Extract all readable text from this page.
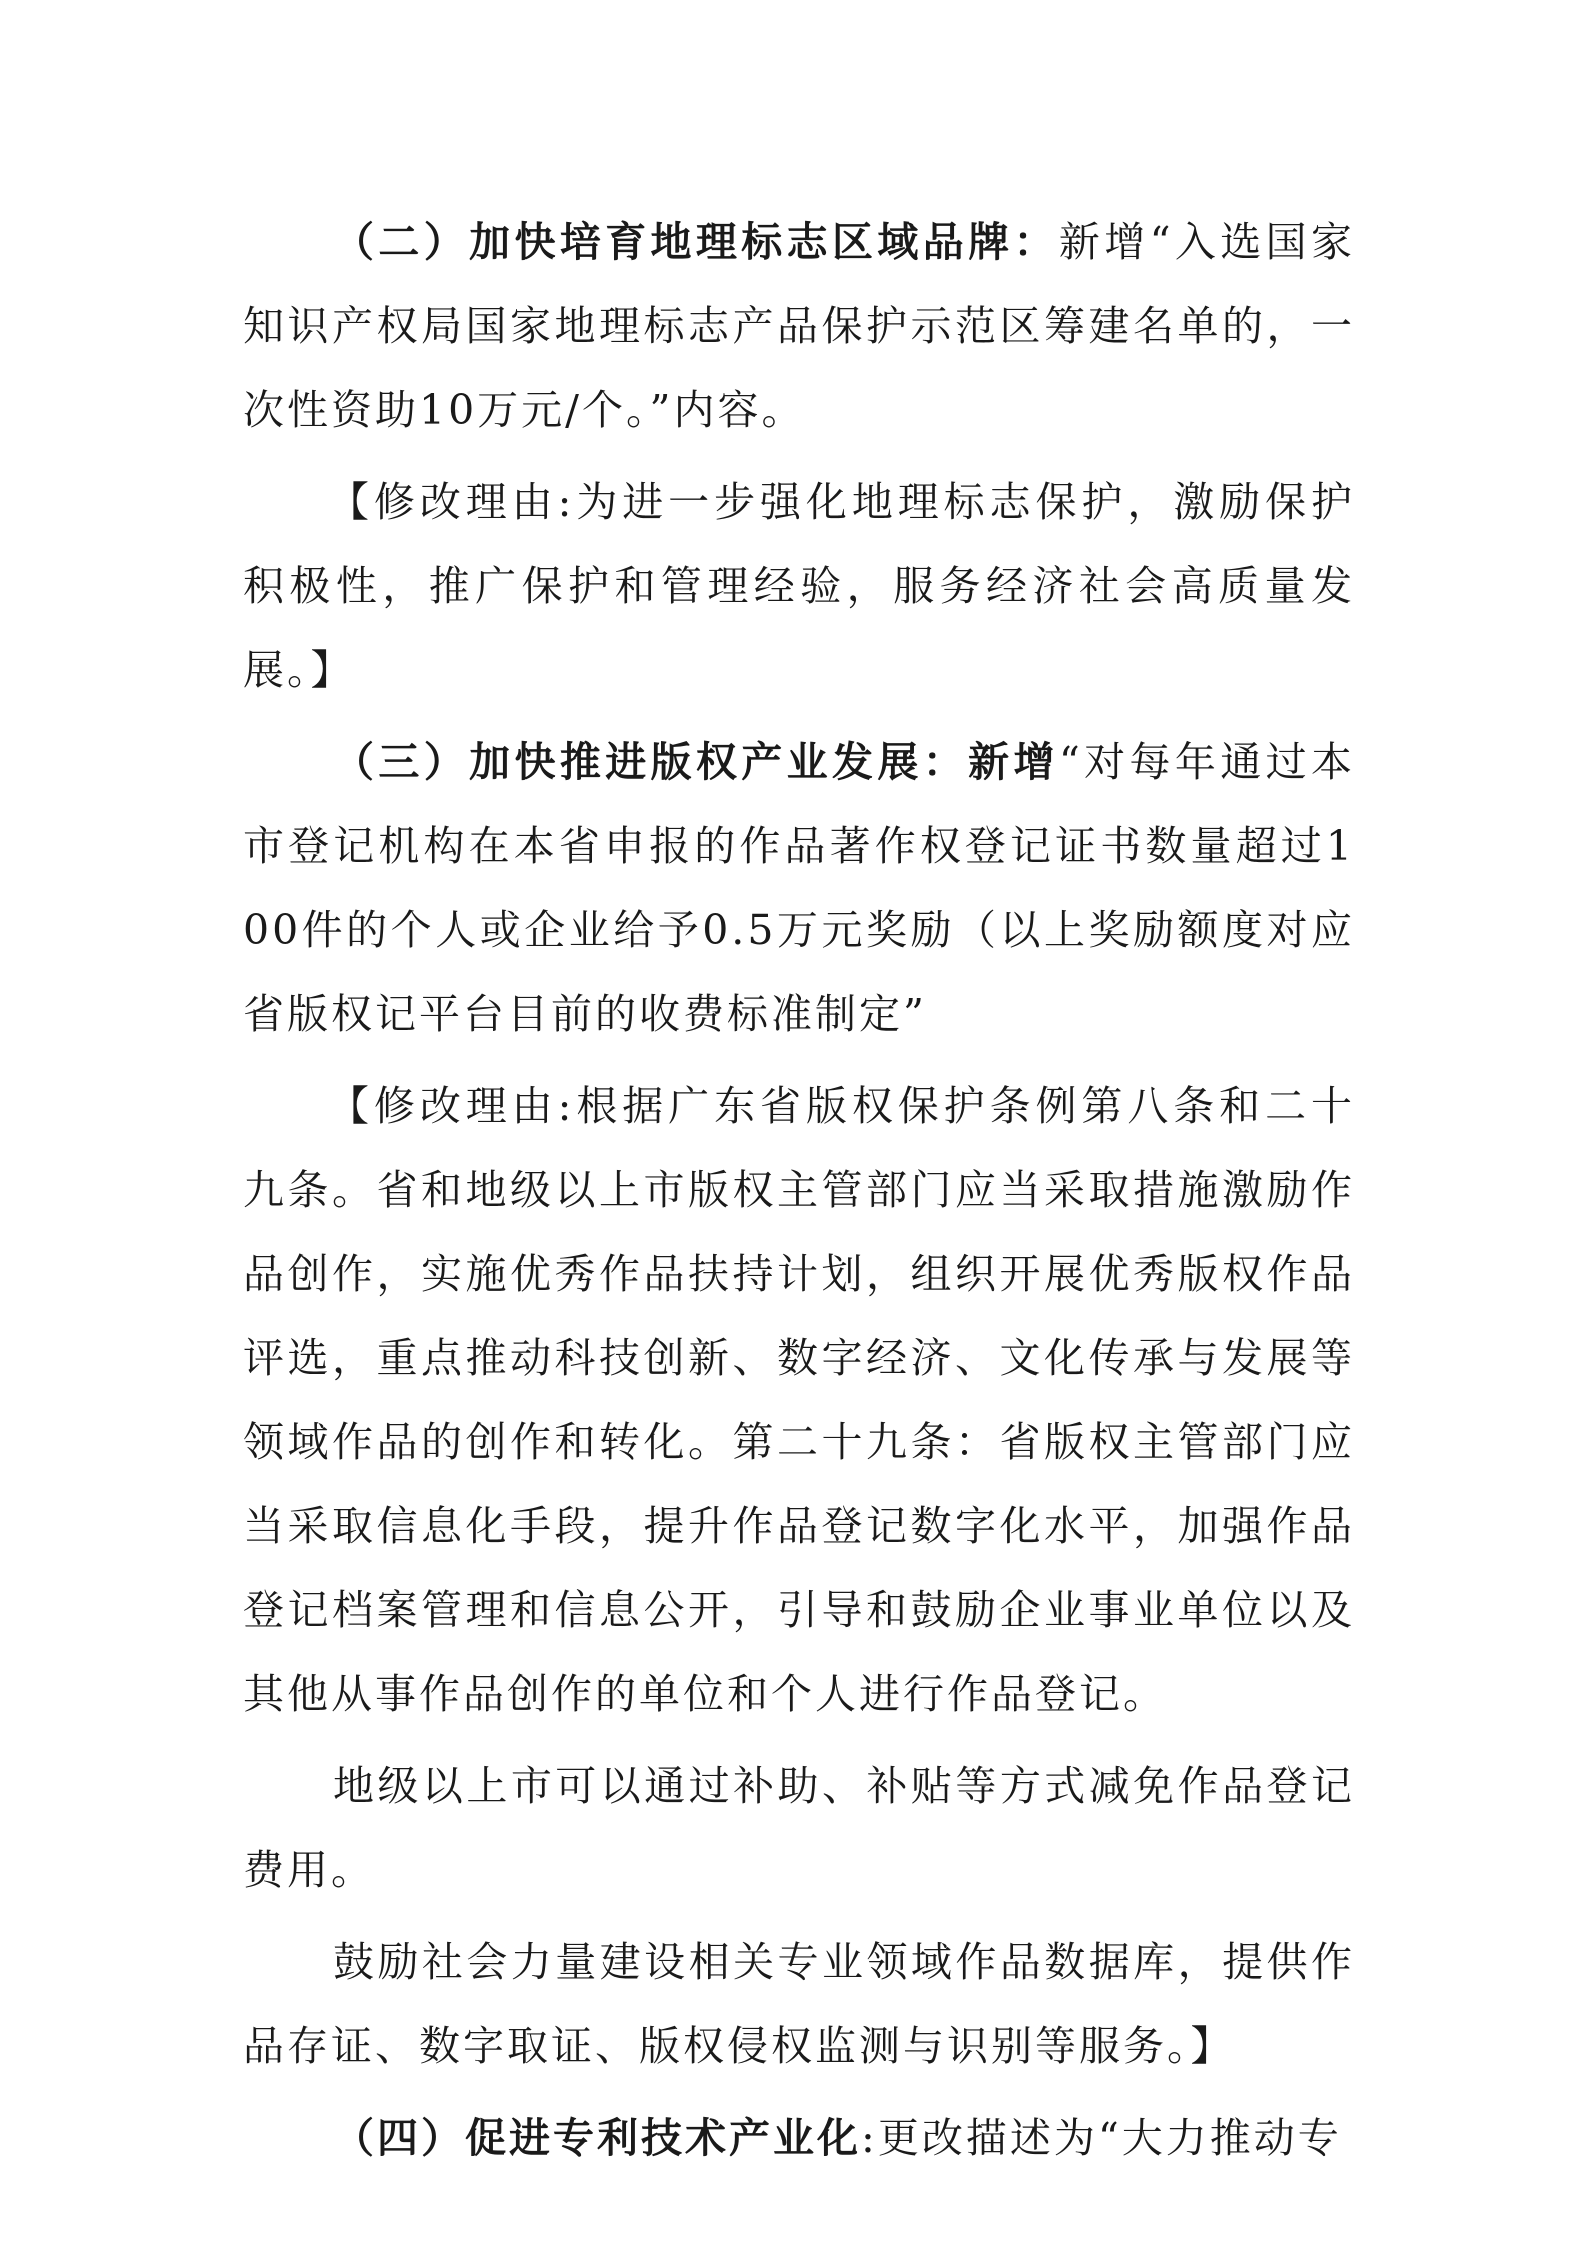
（二）加快培育地理标志区域品牌：新增“入选国家知识产权局国家地理标志产品保护示范区筹建名单的，一次性资助10万元/个。”内容。

【修改理由:为进一步强化地理标志保护，激励保护积极性，推广保护和管理经验，服务经济社会高质量发展。】

（三）加快推进版权产业发展：新增“对每年通过本市登记机构在本省申报的作品著作权登记证书数量超过100件的个人或企业给予0.5万元奖励（以上奖励额度对应省版权记平台目前的收费标准制定”

【修改理由:根据广东省版权保护条例第八条和二十九条。省和地级以上市版权主管部门应当采取措施激励作品创作，实施优秀作品扶持计划，组织开展优秀版权作品评选，重点推动科技创新、数字经济、文化传承与发展等领域作品的创作和转化。第二十九条：省版权主管部门应当采取信息化手段，提升作品登记数字化水平，加强作品登记档案管理和信息公开，引导和鼓励企业事业单位以及其他从事作品创作的单位和个人进行作品登记。

地级以上市可以通过补助、补贴等方式减免作品登记费用。

鼓励社会力量建设相关专业领域作品数据库，提供作品存证、数字取证、版权侵权监测与识别等服务。】

（四）促进专利技术产业化:更改描述为“大力推动专
